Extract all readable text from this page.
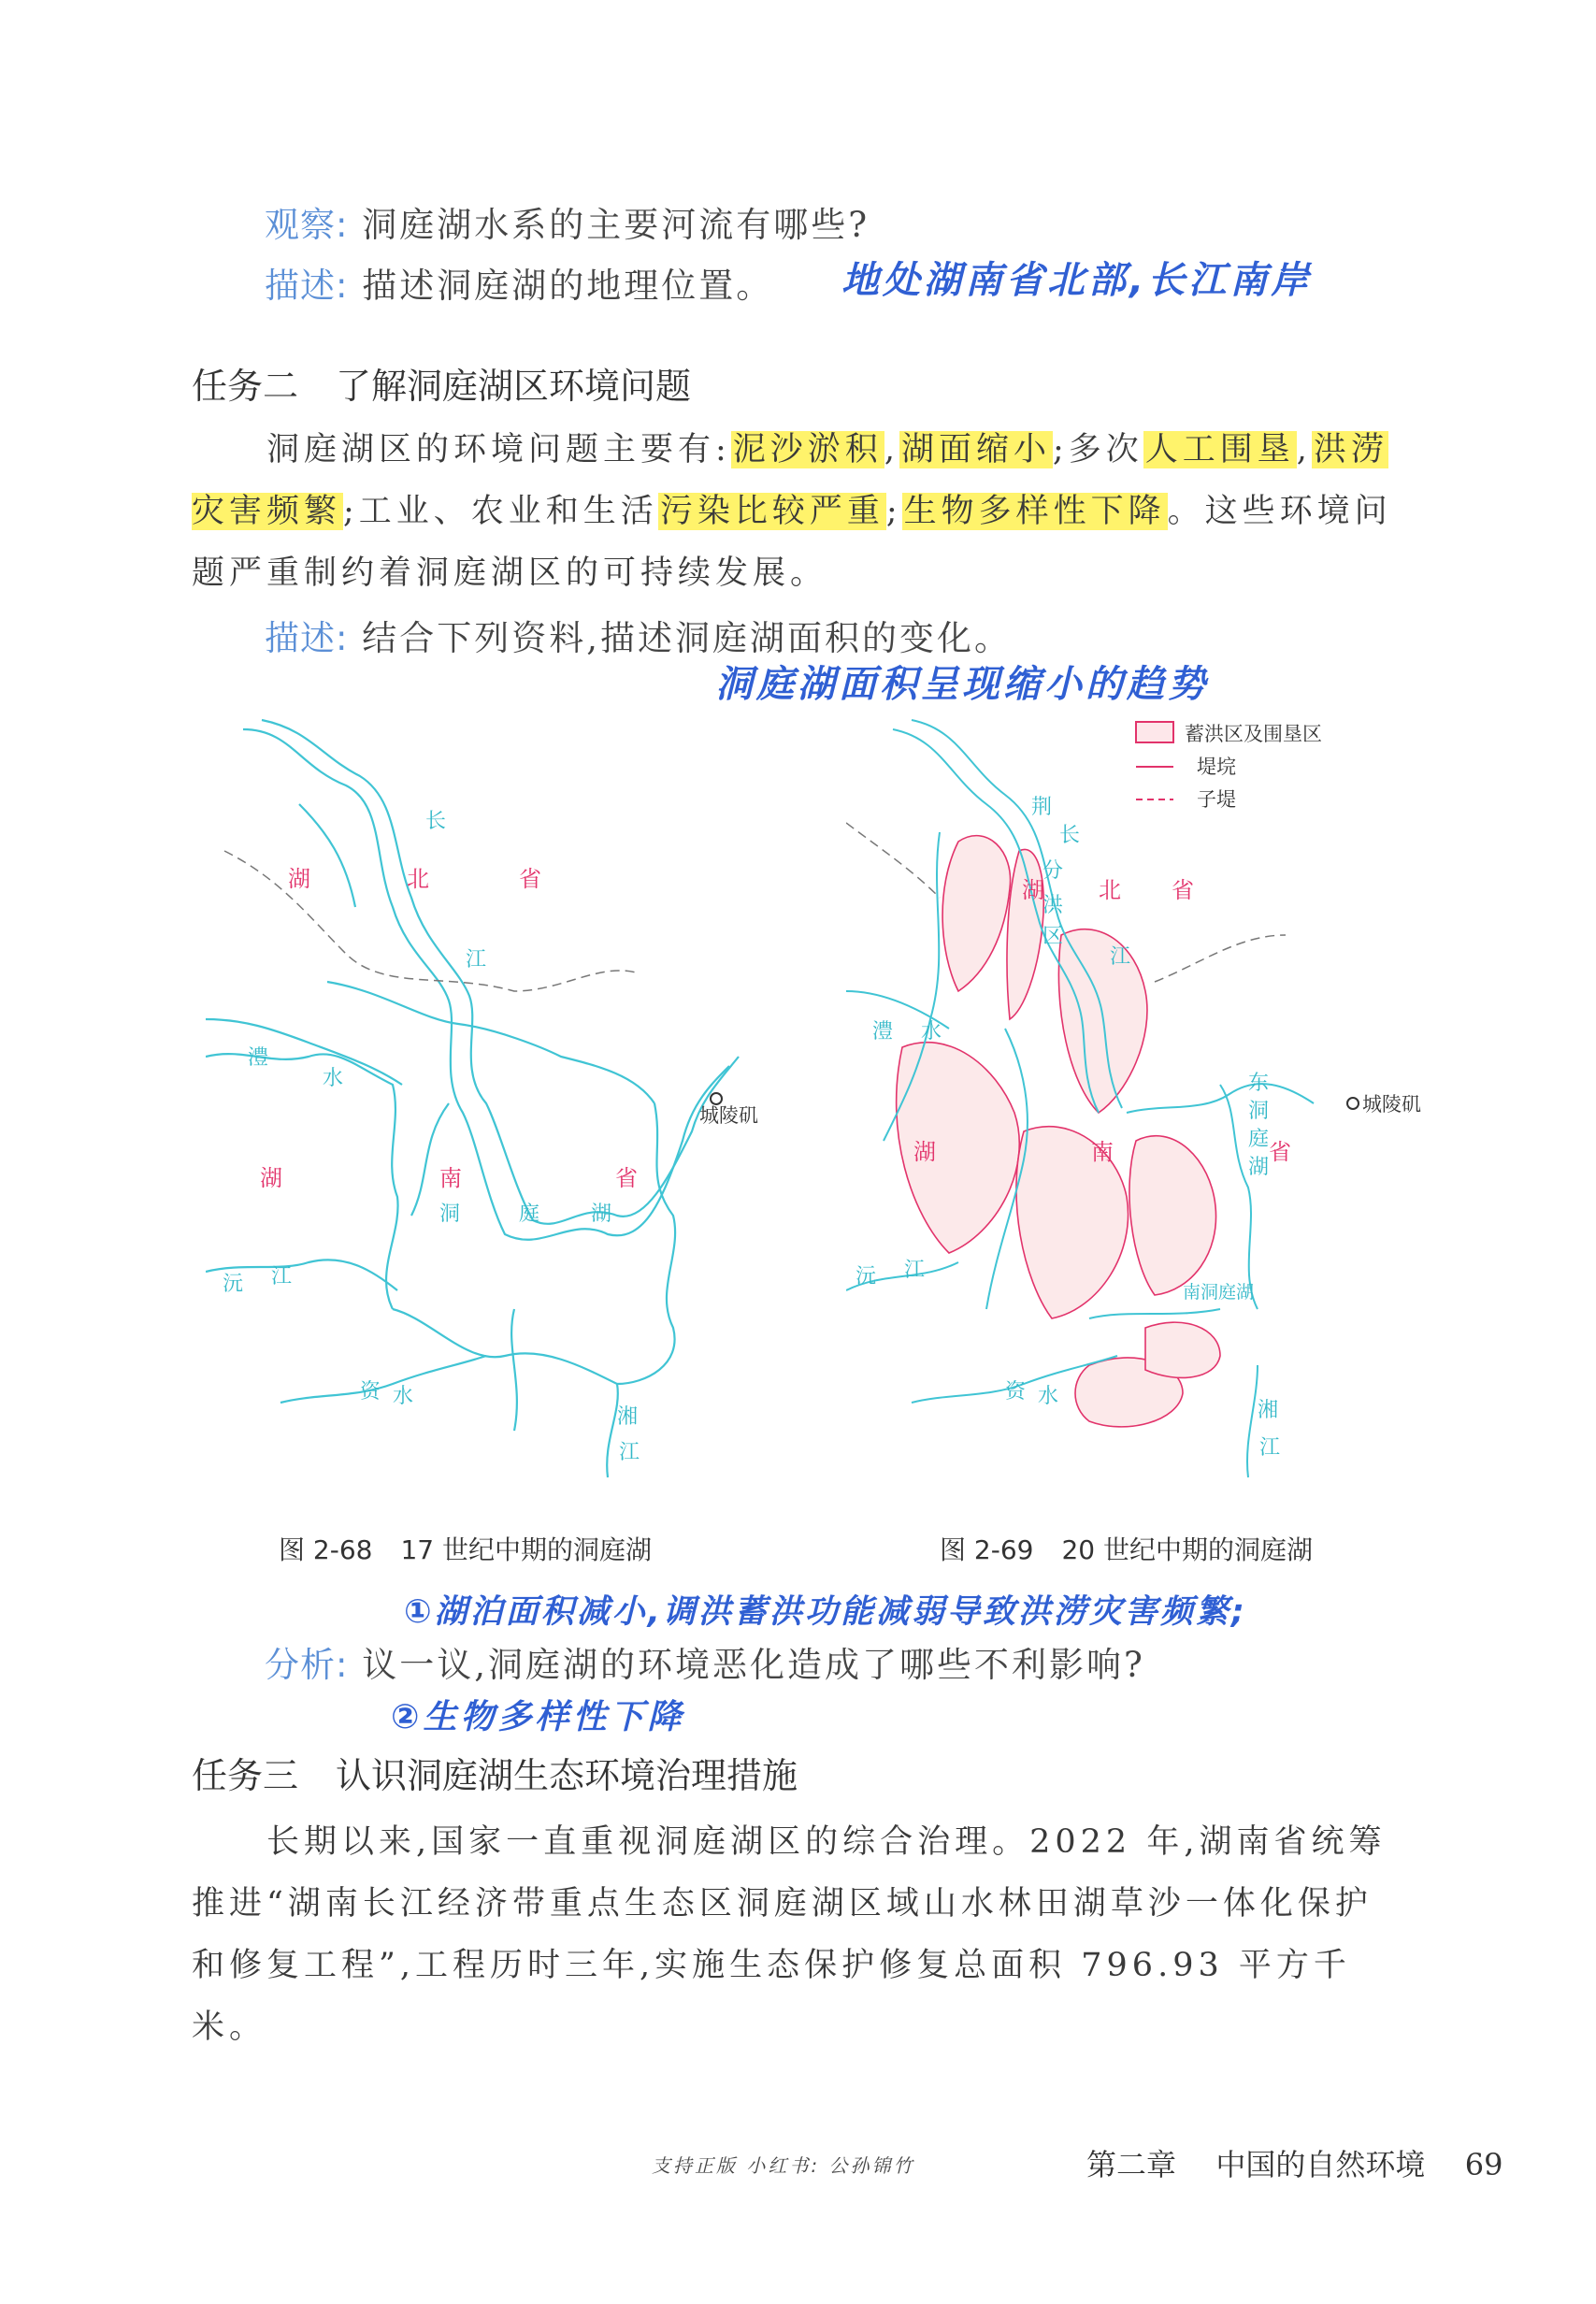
观察: 洞庭湖水系的主要河流有哪些?
描述: 描述洞庭湖的地理位置。 地处湖南省北部,长江南岸
任务二 了解洞庭湖区环境问题

洞庭湖区的环境问题主要有:泥沙淤积,湖面缩小;多次人工围垦,洪涝灾害频繁;工业、农业和生活污染比较严重;生物多样性下降。这些环境问题严重制约着洞庭湖区的可持续发展。

描述: 结合下列资料,描述洞庭湖面积的变化。
洞庭湖面积呈现缩小的趋势
城陵矶
湖	北	省
湖	南	省
洞	庭 湖
长
江
澧
水
沅 江
资 水
湘
江
蓄洪区及围垦区
堤垸
子堤
城陵矶
湖 北 省
湖	南	省
荆
长
江
分
洪
区
澧 水
东
洞
庭
湖
南洞庭湖
沅 江
资 水
湘
江
图 2-68 17 世纪中期的洞庭湖	图 2-69 20 世纪中期的洞庭湖
①湖泊面积减小,调洪蓄洪功能减弱导致洪涝灾害频繁;
分析: 议一议,洞庭湖的环境恶化造成了哪些不利影响?
②生物多样性下降
任务三 认识洞庭湖生态环境治理措施

长期以来,国家一直重视洞庭湖区的综合治理。2022 年,湖南省统筹推进“湖南长江经济带重点生态区洞庭湖区域山水林田湖草沙一体化保护和修复工程”,工程历时三年,实施生态保护修复总面积 796.93 平方千米。

支持正版 小红书: 公孙锦竹	第二章 中国的自然环境 69
